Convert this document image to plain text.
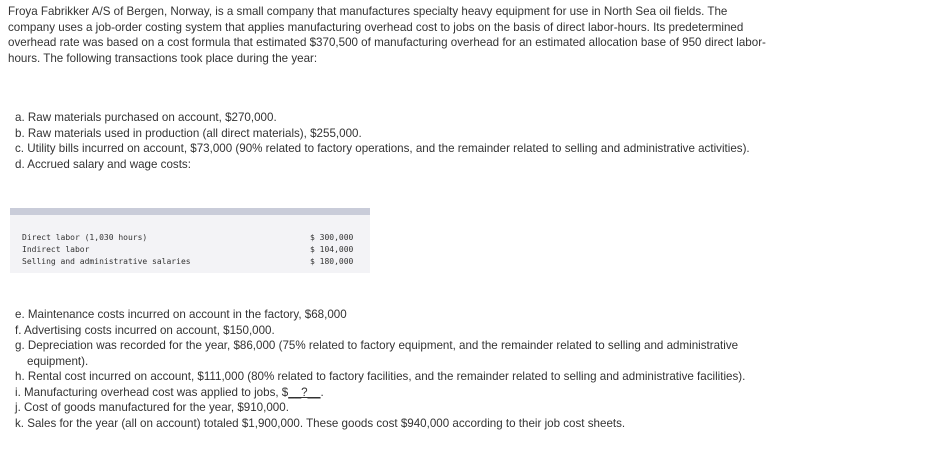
Froya Fabrikker A/S of Bergen, Norway, is a small company that manufactures specialty heavy equipment for use in North Sea oil fields. The company uses a job-order costing system that applies manufacturing overhead cost to jobs on the basis of direct labor-hours. Its predetermined overhead rate was based on a cost formula that estimated $370,500 of manufacturing overhead for an estimated allocation base of 950 direct labor-hours. The following transactions took place during the year:
a. Raw materials purchased on account, $270,000.
b. Raw materials used in production (all direct materials), $255,000.
c. Utility bills incurred on account, $73,000 (90% related to factory operations, and the remainder related to selling and administrative activities).
d. Accrued salary and wage costs:
Direct labor (1,030 hours)	$ 300,000
Indirect labor	$ 104,000
Selling and administrative salaries	$ 180,000
e. Maintenance costs incurred on account in the factory, $68,000
f. Advertising costs incurred on account, $150,000.
g. Depreciation was recorded for the year, $86,000 (75% related to factory equipment, and the remainder related to selling and administrative equipment).
h. Rental cost incurred on account, $111,000 (80% related to factory facilities, and the remainder related to selling and administrative facilities).
i. Manufacturing overhead cost was applied to jobs, $__?__.
j. Cost of goods manufactured for the year, $910,000.
k. Sales for the year (all on account) totaled $1,900,000. These goods cost $940,000 according to their job cost sheets.
